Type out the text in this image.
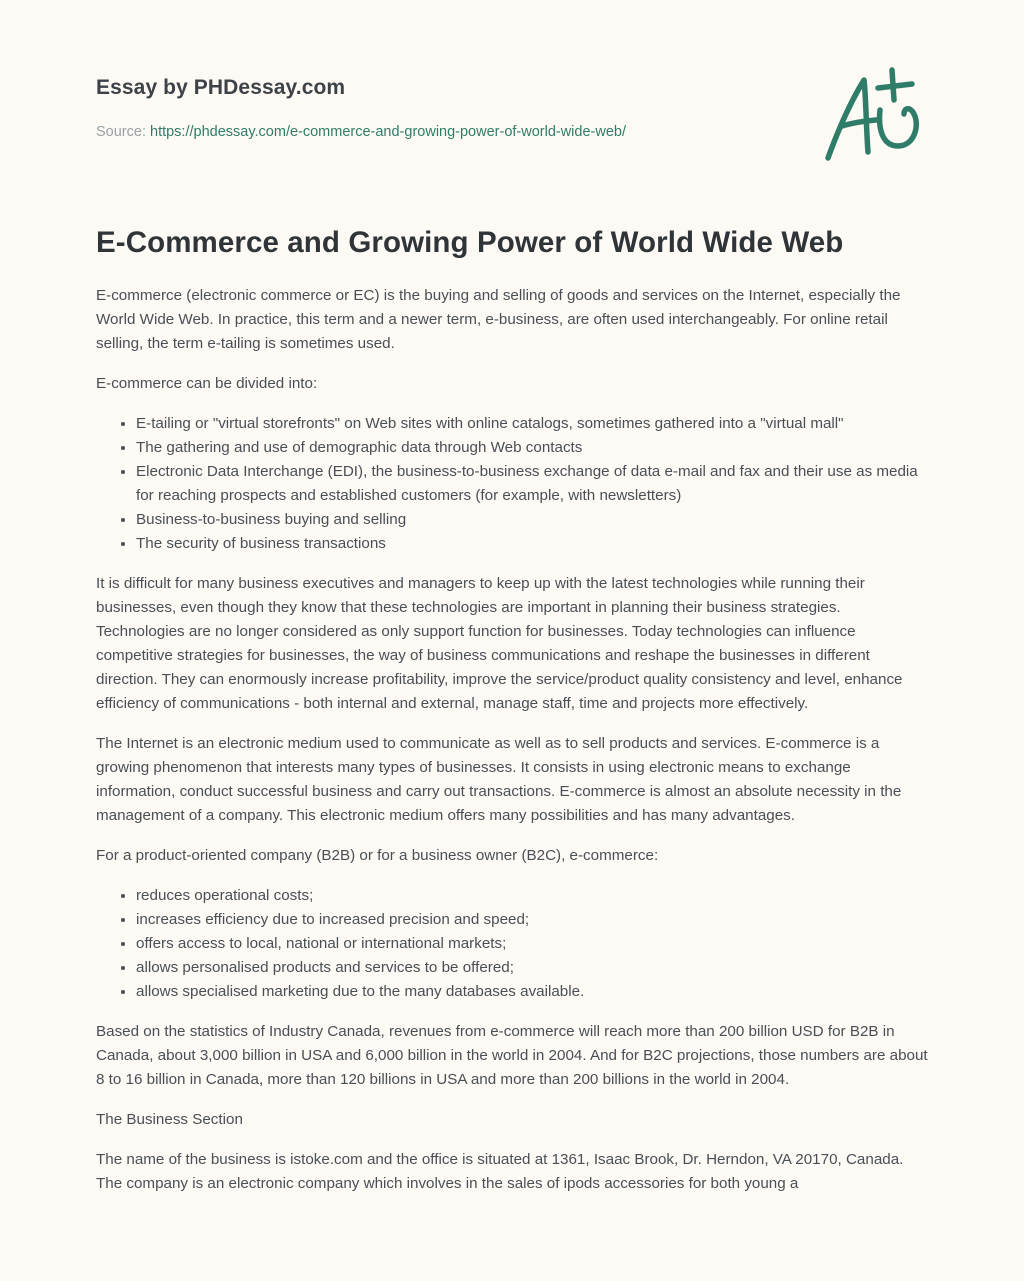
Essay by PHDessay.com
Source: https://phdessay.com/e-commerce-and-growing-power-of-world-wide-web/
E-Commerce and Growing Power of World Wide Web

E-commerce (electronic commerce or EC) is the buying and selling of goods and services on the Internet, especially the World Wide Web. In practice, this term and a newer term, e-business, are often used interchangeably. For online retail selling, the term e-tailing is sometimes used.

E-commerce can be divided into:

• E-tailing or "virtual storefronts" on Web sites with online catalogs, sometimes gathered into a "virtual mall"
• The gathering and use of demographic data through Web contacts
• Electronic Data Interchange (EDI), the business-to-business exchange of data e-mail and fax and their use as media for reaching prospects and established customers (for example, with newsletters)
• Business-to-business buying and selling
• The security of business transactions

It is difficult for many business executives and managers to keep up with the latest technologies while running their businesses, even though they know that these technologies are important in planning their business strategies. Technologies are no longer considered as only support function for businesses. Today technologies can influence competitive strategies for businesses, the way of business communications and reshape the businesses in different direction. They can enormously increase profitability, improve the service/product quality consistency and level, enhance efficiency of communications - both internal and external, manage staff, time and projects more effectively.

The Internet is an electronic medium used to communicate as well as to sell products and services. E-commerce is a growing phenomenon that interests many types of businesses. It consists in using electronic means to exchange information, conduct successful business and carry out transactions. E-commerce is almost an absolute necessity in the management of a company. This electronic medium offers many possibilities and has many advantages.

For a product-oriented company (B2B) or for a business owner (B2C), e-commerce:

• reduces operational costs;
• increases efficiency due to increased precision and speed;
• offers access to local, national or international markets;
• allows personalised products and services to be offered;
• allows specialised marketing due to the many databases available.

Based on the statistics of Industry Canada, revenues from e-commerce will reach more than 200 billion USD for B2B in Canada, about 3,000 billion in USA and 6,000 billion in the world in 2004. And for B2C projections, those numbers are about 8 to 16 billion in Canada, more than 120 billions in USA and more than 200 billions in the world in 2004.

The Business Section

The name of the business is istoke.com and the office is situated at 1361, Isaac Brook, Dr. Herndon, VA 20170, Canada. The company is an electronic company which involves in the sales of ipods accessories for both young a
